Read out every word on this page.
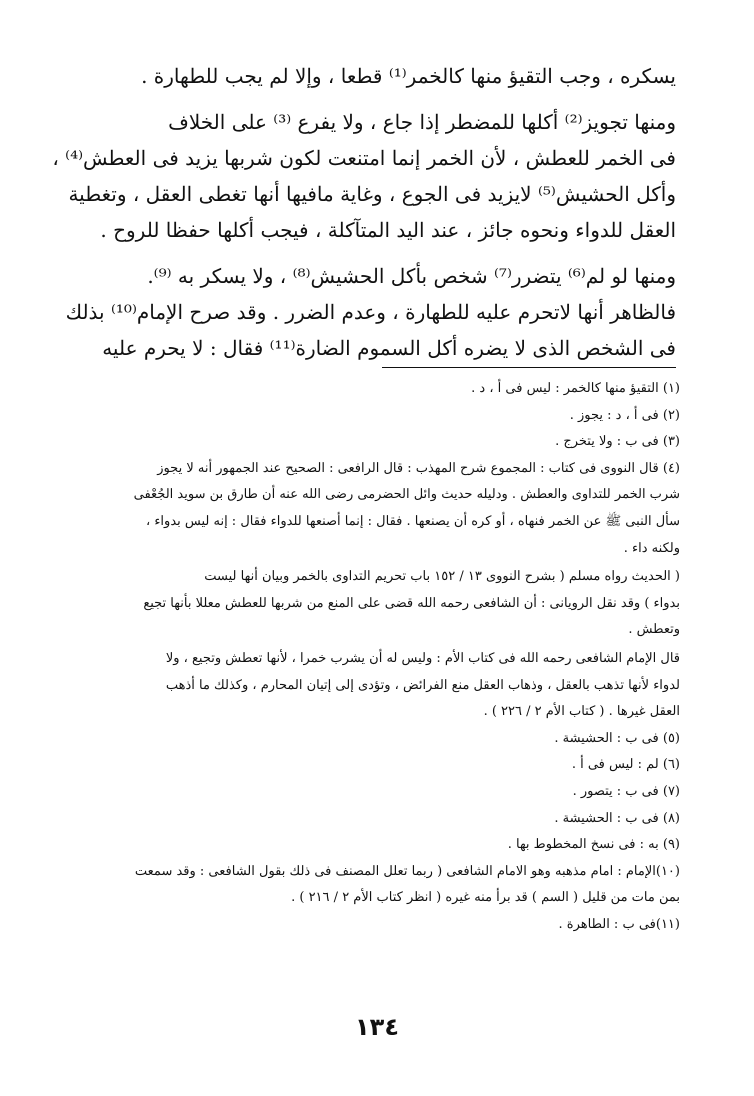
يسكره ، وجب التقيؤ منها كالخمر⁽¹⁾ قطعا ، وإلا لم يجب للطهارة .
ومنها تجويز⁽²⁾ أكلها للمضطر إذا جاع ، ولا يفرع ⁽³⁾ على الخلاف
فى الخمر للعطش ، لأن الخمر إنما امتنعت لكون شربها يزيد فى العطش⁽⁴⁾ ،
وأكل الحشيش⁽⁵⁾ لايزيد فى الجوع ، وغاية مافيها أنها تغطى العقل ، وتغطية
العقل للدواء ونحوه جائز ، عند اليد المتآكلة ، فيجب أكلها حفظا للروح .
ومنها لو لم⁽⁶⁾ يتضرر⁽⁷⁾ شخص بأكل الحشيش⁽⁸⁾ ، ولا يسكر به ⁽⁹⁾.
فالظاهر أنها لاتحرم عليه للطهارة ، وعدم الضرر . وقد صرح الإمام⁽¹⁰⁾ بذلك
فى الشخص الذى لا يضره أكل السموم الضارة⁽¹¹⁾ فقال : لا يحرم عليه
(١) التقيؤ منها كالخمر : ليس فى أ ، د .
(٢) فى أ ، د : يجوز .
(٣) فى ب : ولا يتخرج .
(٤) قال النووى فى كتاب : المجموع شرح المهذب : قال الرافعى : الصحيح عند الجمهور أنه لا يجوز
شرب الخمر للتداوى والعطش . ودليله حديث وائل الحضرمى رضى الله عنه أن طارق بن سويد الجُعْفى
سأل النبى ﷺ عن الخمر فنهاه ، أو كره أن يصنعها . فقال : إنما أصنعها للدواء فقال : إنه ليس بدواء ،
ولكنه داء .
( الحديث رواه مسلم ( بشرح النووى ١٣ / ١٥٢ باب تحريم التداوى بالخمر وبيان أنها ليست
بدواء ) وقد نقل الرويانى : أن الشافعى رحمه الله قضى على المنع من شربها للعطش معللا بأنها تجيع
وتعطش .
قال الإمام الشافعى رحمه الله فى كتاب الأم : وليس له أن يشرب خمرا ، لأنها تعطش وتجيع ، ولا
لدواء لأنها تذهب بالعقل ، وذهاب العقل منع الفرائض ، وتؤدى إلى إتيان المحارم ، وكذلك ما أذهب
العقل غيرها . ( كتاب الأم ٢ / ٢٢٦ ) .
(٥) فى ب : الحشيشة .
(٦) لم : ليس فى أ .
(٧) فى ب : يتصور .
(٨) فى ب : الحشيشة .
(٩) به : فى نسخ المخطوط بها .
(١٠)الإمام : امام مذهبه وهو الامام الشافعى ( ربما تعلل المصنف فى ذلك بقول الشافعى : وقد سمعت
بمن مات من قليل ( السم ) قد برأ منه غيره ( انظر كتاب الأم ٢ / ٢١٦ ) .
(١١)فى ب : الطاهرة .
١٣٤
